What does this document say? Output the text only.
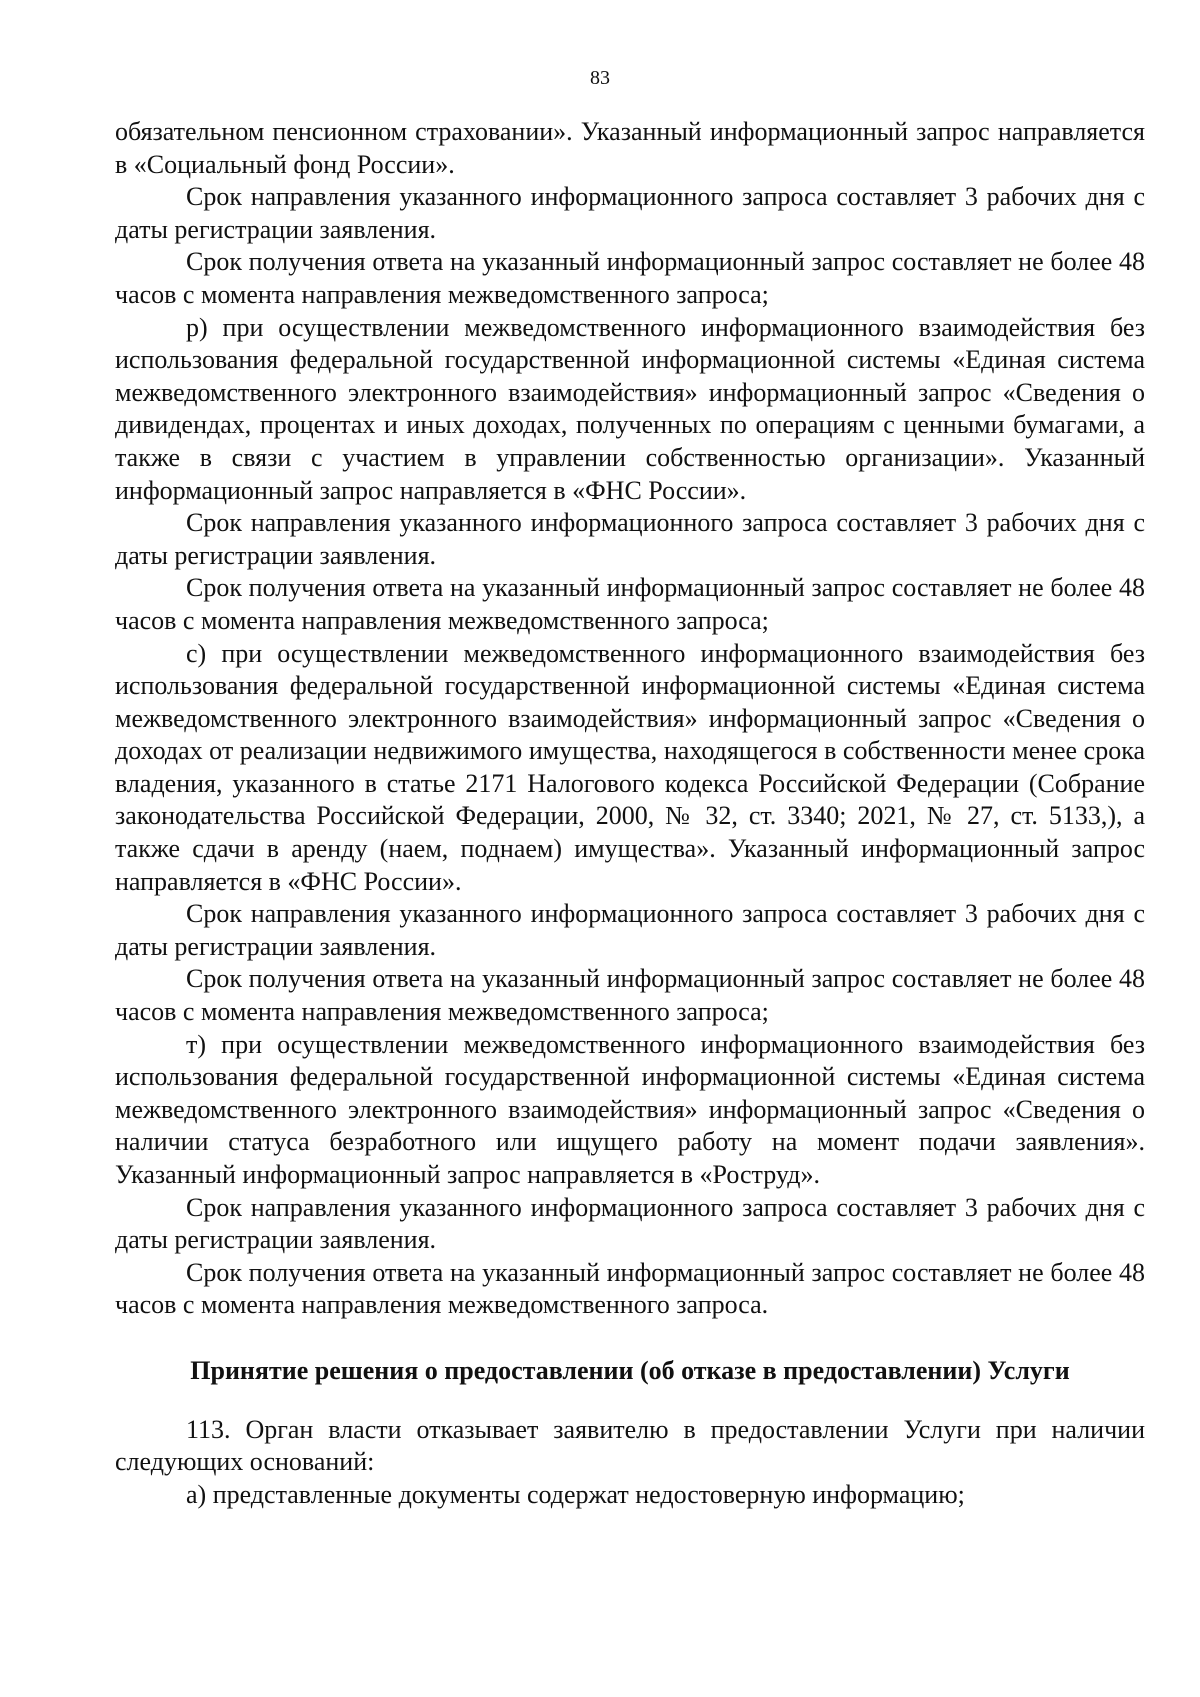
83

обязательном пенсионном страховании». Указанный информационный запрос направляется в «Социальный фонд России».

Срок направления указанного информационного запроса составляет 3 рабочих дня с даты регистрации заявления.

Срок получения ответа на указанный информационный запрос составляет не более 48 часов с момента направления межведомственного запроса;

р) при осуществлении межведомственного информационного взаимодействия без использования федеральной государственной информационной системы «Единая система межведомственного электронного взаимодействия» информационный запрос «Сведения о дивидендах, процентах и иных доходах, полученных по операциям с ценными бумагами, а также в связи с участием в управлении собственностью организации». Указанный информационный запрос направляется в «ФНС России».

Срок направления указанного информационного запроса составляет 3 рабочих дня с даты регистрации заявления.

Срок получения ответа на указанный информационный запрос составляет не более 48 часов с момента направления межведомственного запроса;

с) при осуществлении межведомственного информационного взаимодействия без использования федеральной государственной информационной системы «Единая система межведомственного электронного взаимодействия» информационный запрос «Сведения о доходах от реализации недвижимого имущества, находящегося в собственности менее срока владения, указанного в статье 2171 Налогового кодекса Российской Федерации (Собрание законодательства Российской Федерации, 2000, № 32, ст. 3340; 2021, № 27, ст. 5133,), а также сдачи в аренду (наем, поднаем) имущества». Указанный информационный запрос направляется в «ФНС России».

Срок направления указанного информационного запроса составляет 3 рабочих дня с даты регистрации заявления.

Срок получения ответа на указанный информационный запрос составляет не более 48 часов с момента направления межведомственного запроса;

т) при осуществлении межведомственного информационного взаимодействия без использования федеральной государственной информационной системы «Единая система межведомственного электронного взаимодействия» информационный запрос «Сведения о наличии статуса безработного или ищущего работу на момент подачи заявления». Указанный информационный запрос направляется в «Роструд».

Срок направления указанного информационного запроса составляет 3 рабочих дня с даты регистрации заявления.

Срок получения ответа на указанный информационный запрос составляет не более 48 часов с момента направления межведомственного запроса.

Принятие решения о предоставлении (об отказе в предоставлении) Услуги

113. Орган власти отказывает заявителю в предоставлении Услуги при наличии следующих оснований:

а) представленные документы содержат недостоверную информацию;
